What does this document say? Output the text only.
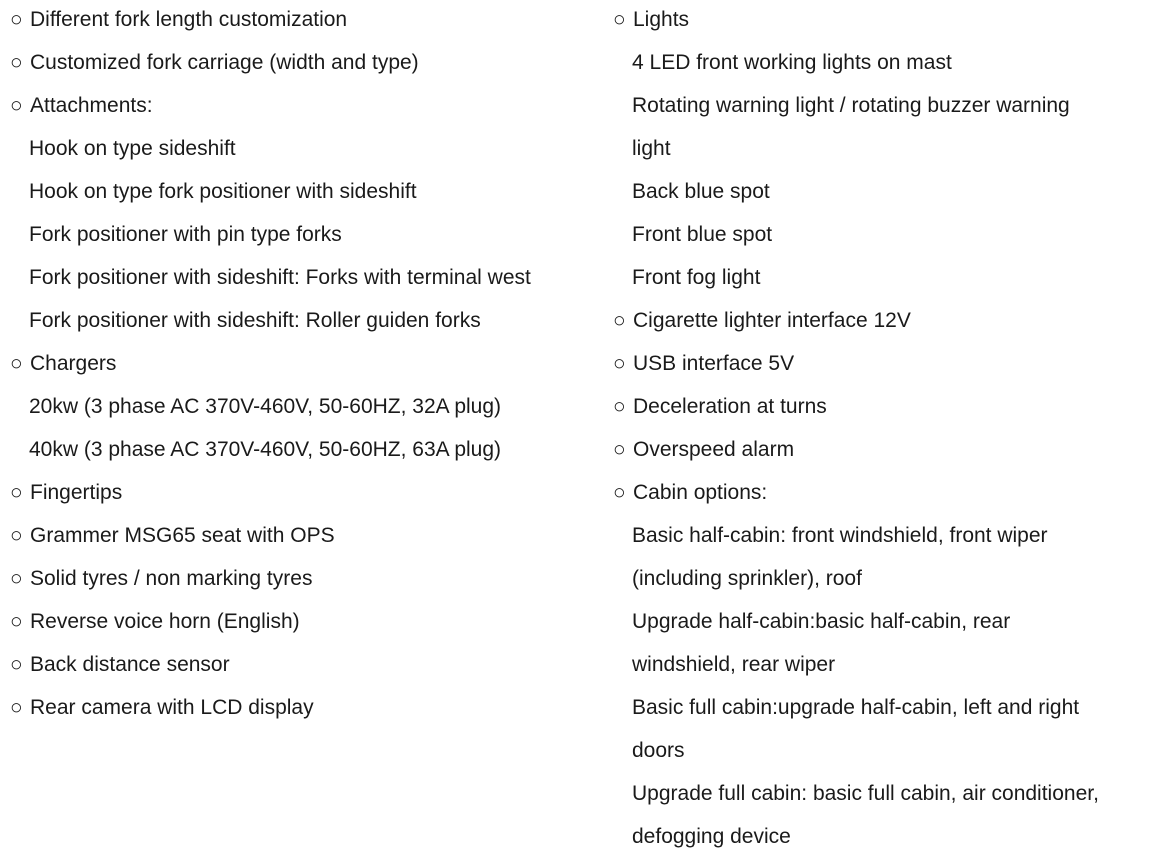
○ Different fork length customization
○ Customized fork carriage (width and type)
○ Attachments:
Hook on type sideshift
Hook on type fork positioner with sideshift
Fork positioner with pin type forks
Fork positioner with sideshift: Forks with terminal west
Fork positioner with sideshift: Roller guiden forks
○ Chargers
20kw (3 phase AC 370V-460V, 50-60HZ, 32A plug)
40kw (3 phase AC 370V-460V, 50-60HZ, 63A plug)
○ Fingertips
○ Grammer MSG65 seat with OPS
○ Solid tyres / non marking tyres
○ Reverse voice horn (English)
○ Back distance sensor
○ Rear camera with LCD display
○ Lights
4 LED front working lights on mast
Rotating warning light / rotating buzzer warning
light
Back blue spot
Front blue spot
Front fog light
○ Cigarette lighter interface 12V
○ USB interface 5V
○ Deceleration at turns
○ Overspeed alarm
○ Cabin options:
Basic half-cabin: front windshield, front wiper
(including sprinkler), roof
Upgrade half-cabin:basic half-cabin, rear
windshield, rear wiper
Basic full cabin:upgrade half-cabin, left and right
doors
Upgrade full cabin: basic full cabin, air conditioner,
defogging device
